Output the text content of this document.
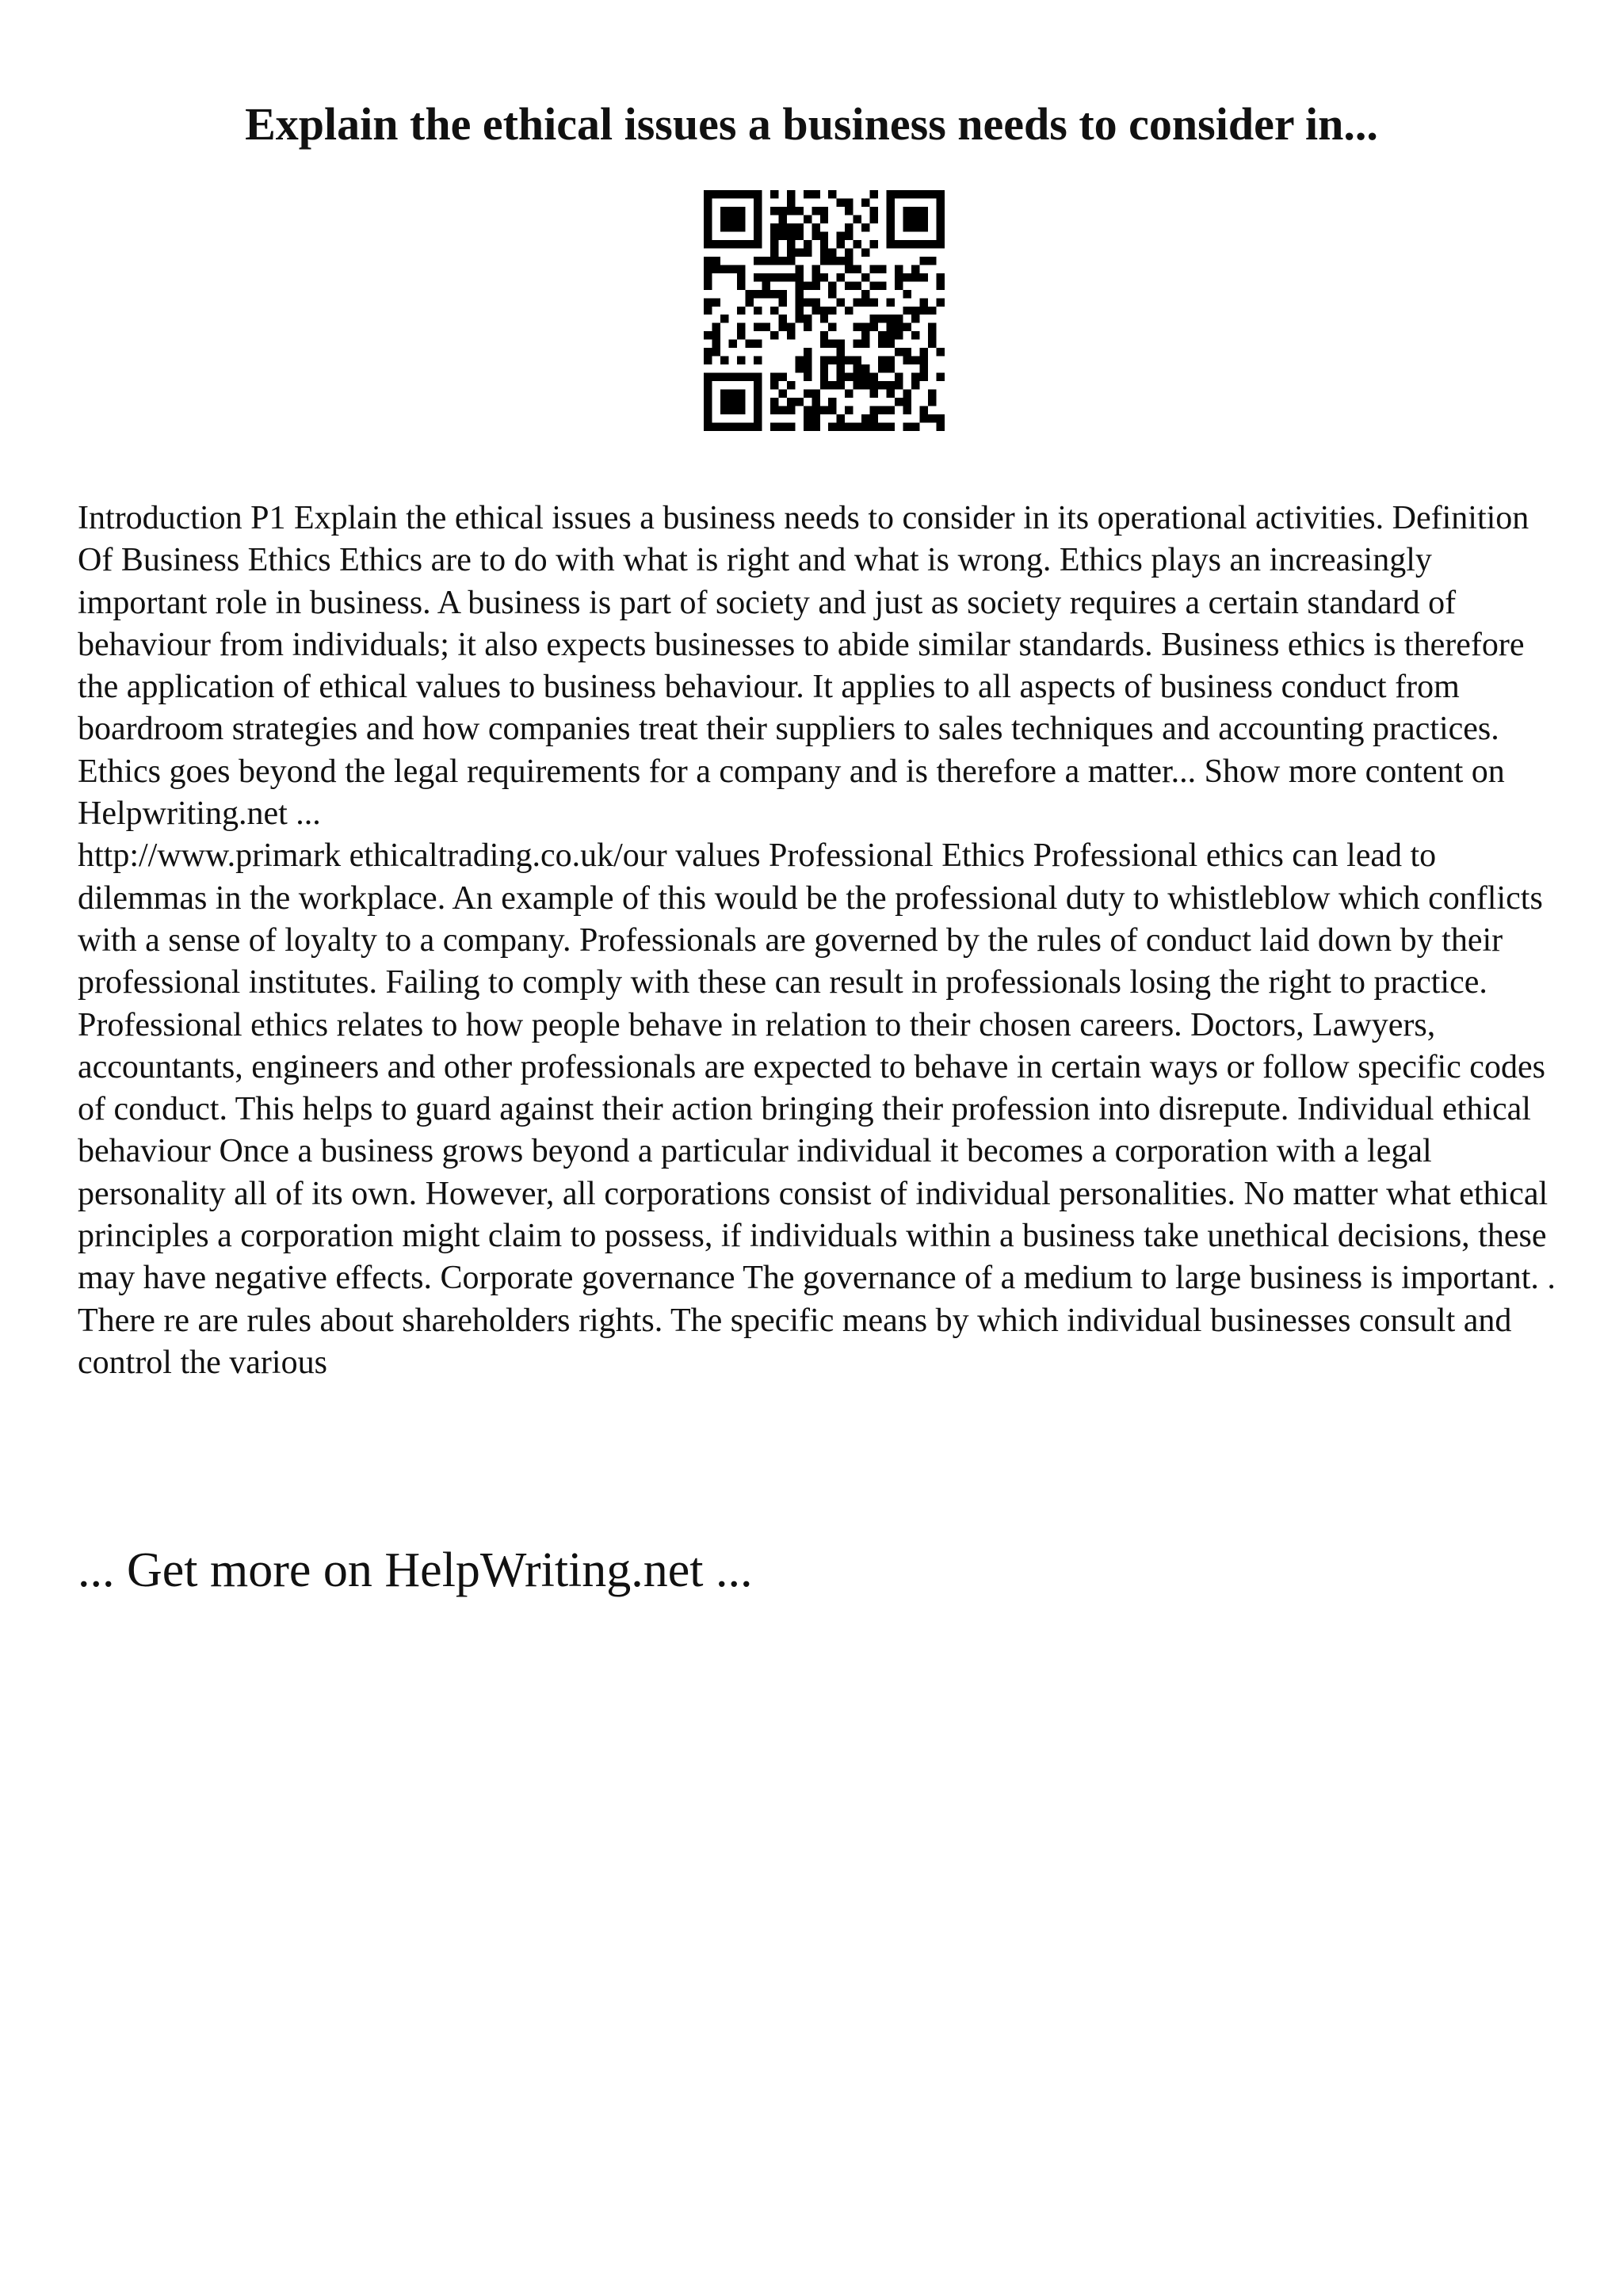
Explain the ethical issues a business needs to consider in...

Introduction P1 Explain the ethical issues a business needs to consider in its operational activities. Definition Of Business Ethics Ethics are to do with what is right and what is wrong. Ethics plays an increasingly important role in business. A business is part of society and just as society requires a certain standard of behaviour from individuals; it also expects businesses to abide similar standards. Business ethics is therefore the application of ethical values to business behaviour. It applies to all aspects of business conduct from boardroom strategies and how companies treat their suppliers to sales techniques and accounting practices. Ethics goes beyond the legal requirements for a company and is therefore a matter... Show more content on Helpwriting.net ...

http://www.primark ethicaltrading.co.uk/our values Professional Ethics Professional ethics can lead to dilemmas in the workplace. An example of this would be the professional duty to whistleblow which conflicts with a sense of loyalty to a company. Professionals are governed by the rules of conduct laid down by their professional institutes. Failing to comply with these can result in professionals losing the right to practice. Professional ethics relates to how people behave in relation to their chosen careers. Doctors, Lawyers, accountants, engineers and other professionals are expected to behave in certain ways or follow specific codes of conduct. This helps to guard against their action bringing their profession into disrepute. Individual ethical behaviour Once a business grows beyond a particular individual it becomes a corporation with a legal personality all of its own. However, all corporations consist of individual personalities. No matter what ethical principles a corporation might claim to possess, if individuals within a business take unethical decisions, these may have negative effects. Corporate governance The governance of a medium to large business is important. . There re are rules about shareholders rights. The specific means by which individual businesses consult and control the various

... Get more on HelpWriting.net ...
